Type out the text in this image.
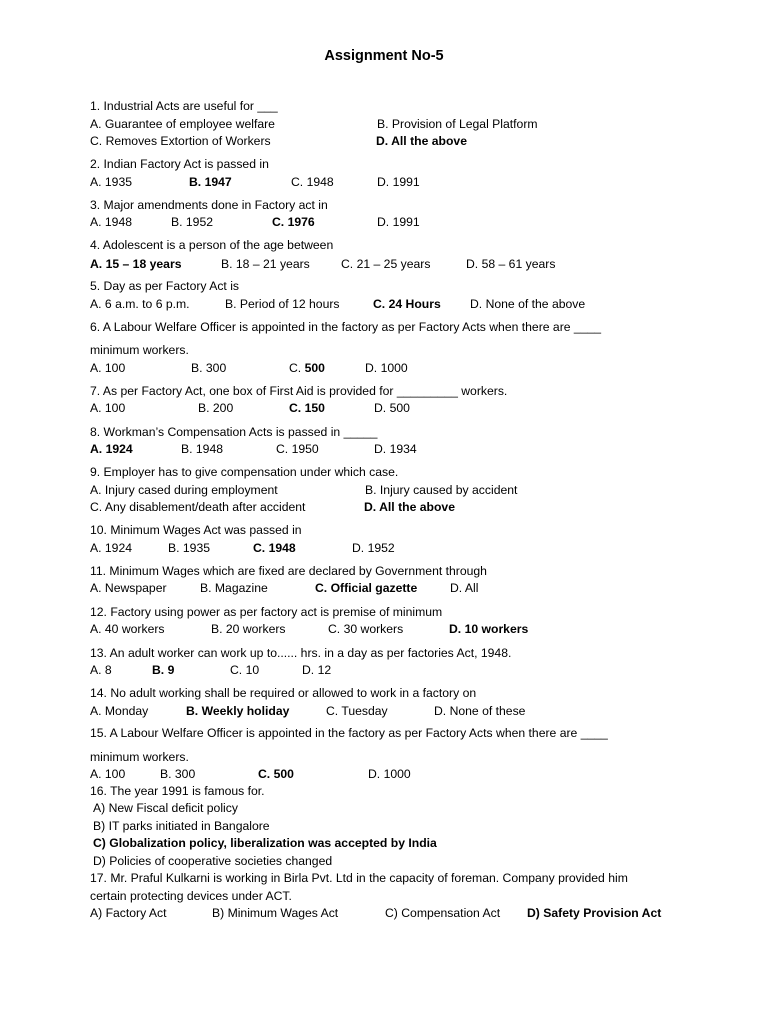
Assignment No-5
1. Industrial Acts are useful for ___
A. Guarantee of employee welfare	B. Provision of Legal Platform
C. Removes Extortion of Workers	D. All the above
2. Indian Factory Act is passed in
A. 1935	B. 1947	C. 1948	D. 1991
3. Major amendments done in Factory act in
A. 1948	B. 1952	C. 1976	D. 1991
4. Adolescent is a person of the age between
A. 15 – 18 years	B. 18 – 21 years	C. 21 – 25 years	D. 58 – 61 years
5. Day as per Factory Act is
A. 6 a.m. to 6 p.m.	B. Period of 12 hours	C. 24 Hours D. None of the above
6. A Labour Welfare Officer is appointed in the factory as per Factory Acts when there are ____
minimum workers.
A. 100	B. 300	C. 500	D. 1000
7. As per Factory Act, one box of First Aid is provided for _________ workers.
A. 100	B. 200	C. 150	D. 500
8. Workman’s Compensation Acts is passed in _____
A. 1924	B. 1948	C. 1950	D. 1934
9. Employer has to give compensation under which case.
A. Injury cased during employment	B. Injury caused by accident
C. Any disablement/death after accident	D. All the above
10. Minimum Wages Act was passed in
A. 1924	B. 1935	C. 1948	D. 1952
11. Minimum Wages which are fixed are declared by Government through
A. Newspaper	B. Magazine	C. Official gazette	D. All
12. Factory using power as per factory act is premise of minimum
A. 40 workers	B. 20 workers	C. 30 workers	D. 10 workers
13. An adult worker can work up to...... hrs. in a day as per factories Act, 1948.
A. 8	B. 9	C. 10	D. 12
14. No adult working shall be required or allowed to work in a factory on
A. Monday	B. Weekly holiday	C. Tuesday	D. None of these
15. A Labour Welfare Officer is appointed in the factory as per Factory Acts when there are ____
minimum workers.
A. 100	B. 300	C. 500	D. 1000
16. The year 1991 is famous for.
A) New Fiscal deficit policy
B) IT parks initiated in Bangalore
C) Globalization policy, liberalization was accepted by India
D) Policies of cooperative societies changed
17. Mr. Praful Kulkarni is working in Birla Pvt. Ltd in the capacity of foreman. Company provided him
certain protecting devices under ACT.
A) Factory Act	B) Minimum Wages Act	C) Compensation Act D) Safety Provision Act
